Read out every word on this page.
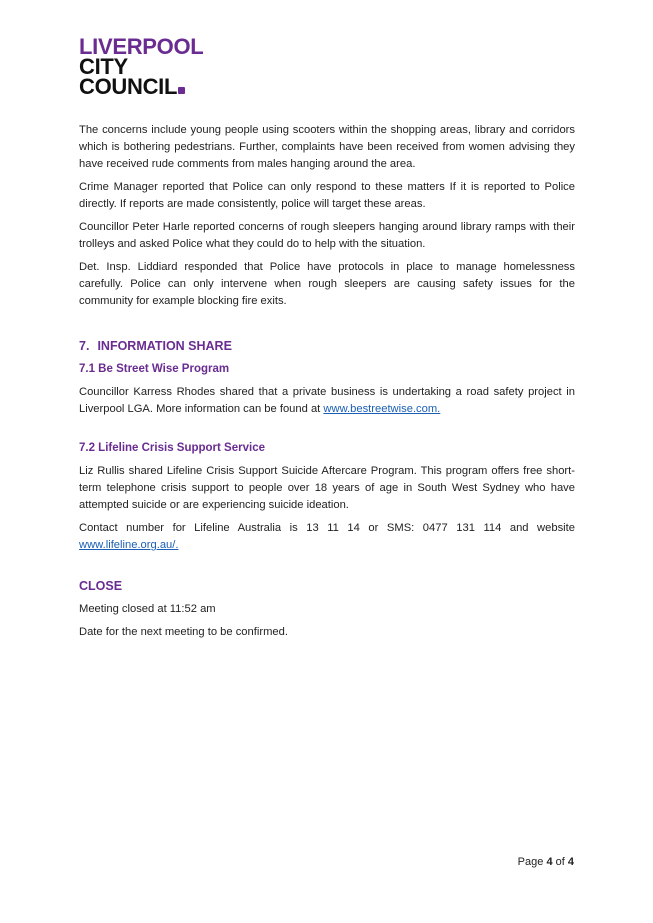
LIVERPOOL
CITY
COUNCIL

The concerns include young people using scooters within the shopping areas, library and corridors which is bothering pedestrians. Further, complaints have been received from women advising they have received rude comments from males hanging around the area.

Crime Manager reported that Police can only respond to these matters If it is reported to Police directly. If reports are made consistently, police will target these areas.

Councillor Peter Harle reported concerns of rough sleepers hanging around library ramps with their trolleys and asked Police what they could do to help with the situation.

Det. Insp. Liddiard responded that Police have protocols in place to manage homelessness carefully. Police can only intervene when rough sleepers are causing safety issues for the community for example blocking fire exits.

7. INFORMATION SHARE
7.1 Be Street Wise Program

Councillor Karress Rhodes shared that a private business is undertaking a road safety project in Liverpool LGA. More information can be found at www.bestreetwise.com.

7.2 Lifeline Crisis Support Service

Liz Rullis shared Lifeline Crisis Support Suicide Aftercare Program. This program offers free short-term telephone crisis support to people over 18 years of age in South West Sydney who have attempted suicide or are experiencing suicide ideation.

Contact number for Lifeline Australia is 13 11 14 or SMS: 0477 131 114 and website www.lifeline.org.au/.

CLOSE

Meeting closed at 11:52 am

Date for the next meeting to be confirmed.

Page 4 of 4
